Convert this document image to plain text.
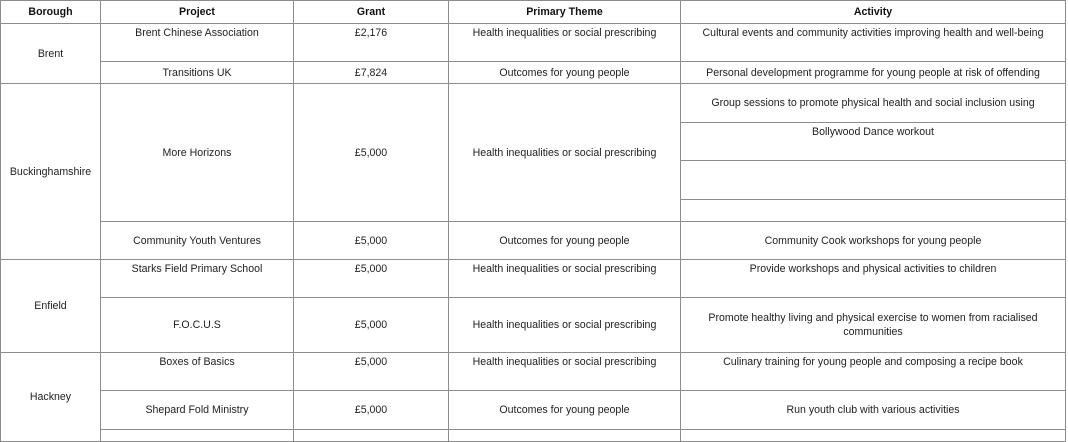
Borough	Project	Grant	Primary Theme	Activity
Brent	Brent Chinese Association	£2,176	Health inequalities or social prescribing	Cultural events and community activities improving health and well-being
	Transitions UK	£7,824	Outcomes for young people	Personal development programme for young people at risk of offending
Buckinghamshire	More Horizons	£5,000	Health inequalities or social prescribing	Group sessions to promote physical health and social inclusion using
				Bollywood Dance workout

	Community Youth Ventures	£5,000	Outcomes for young people	Community Cook workshops for young people
Enfield	Starks Field Primary School	£5,000	Health inequalities or social prescribing	Provide workshops and physical activities to children
	F.O.C.U.S	£5,000	Health inequalities or social prescribing	Promote healthy living and physical exercise to women from racialised communities
Hackney	Boxes of Basics	£5,000	Health inequalities or social prescribing	Culinary training for young people and composing a recipe book
	Shepard Fold Ministry	£5,000	Outcomes for young people	Run youth club with various activities
